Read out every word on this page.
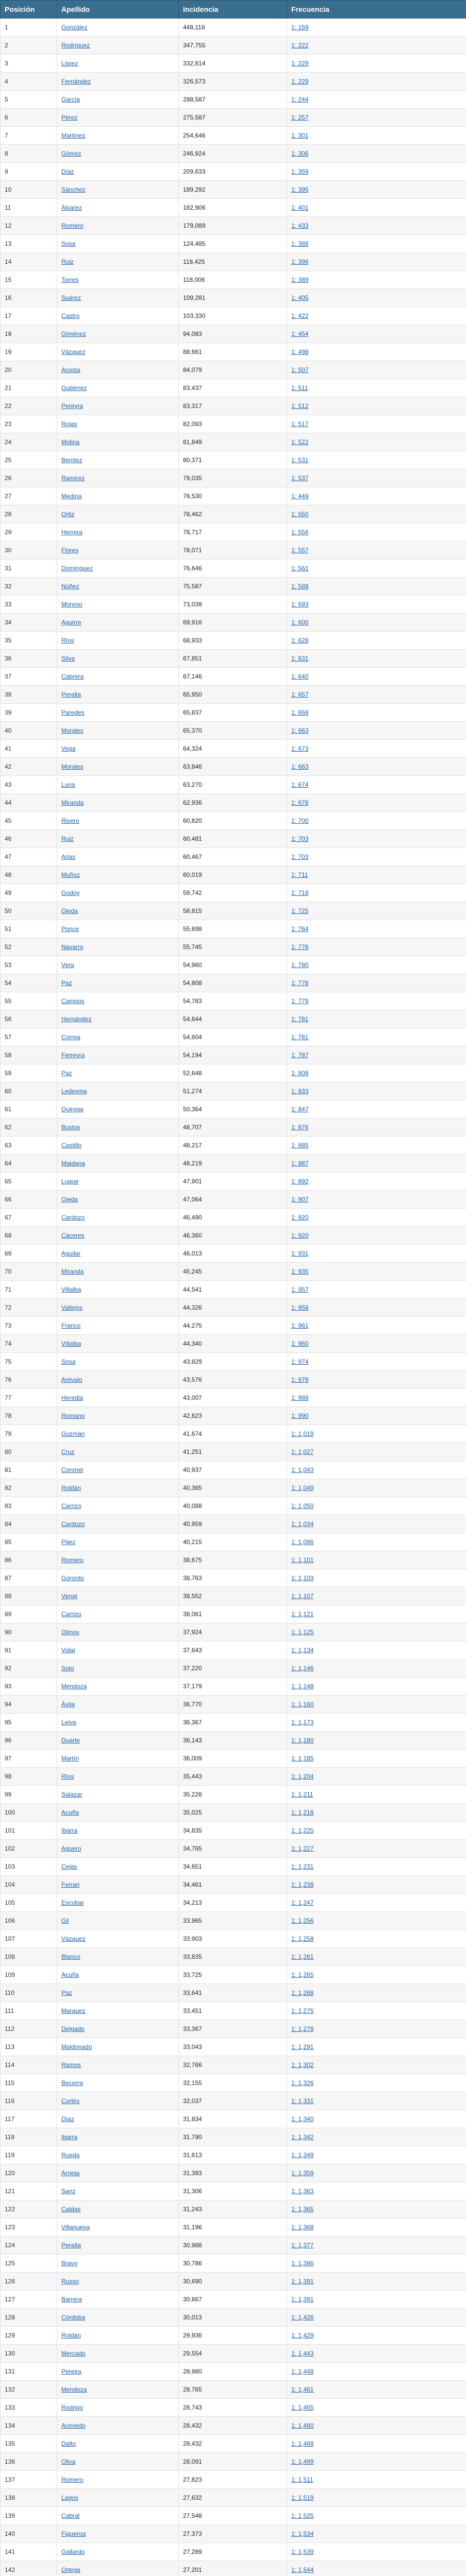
Posición	Apellido	Incidencia	Frecuencia
1	González	448,118	1: 159
2	Rodríguez	347,755	1: 222
3	López	332,614	1: 229
4	Fernández	326,573	1: 229
5	García	288,587	1: 244
6	Pérez	275,587	1: 257
7	Martínez	254,646	1: 301
8	Gómez	246,924	1: 306
9	Díaz	209,633	1: 359
10	Sánchez	189,292	1: 395
11	Álvarez	182,906	1: 401
12	Romero	179,089	1: 433
13	Sosa	124,485	1: 388
14	Ruiz	118,425	1: 396
15	Torres	118,006	1: 389
16	Suárez	109,281	1: 405
17	Castro	103,330	1: 422
18	Giménez	94,083	1: 454
19	Vázquez	88,661	1: 498
20	Acosta	84,079	1: 507
21	Gutiérrez	83,437	1: 511
22	Pereyra	83,317	1: 512
23	Rojas	82,093	1: 517
24	Molina	81,849	1: 522
25	Benítez	80,371	1: 531
26	Ramírez	79,035	1: 537
27	Medina	78,530	1: 449
28	Ortiz	78,462	1: 550
29	Herrera	78,717	1: 556
30	Flores	78,071	1: 557
31	Domínguez	76,646	1: 561
32	Núñez	75,587	1: 589
33	Moreno	73,039	1: 593
34	Aguirre	69,916	1: 600
35	Ríos	68,933	1: 628
36	Silva	67,851	1: 631
37	Cabrera	67,146	1: 640
38	Peralta	65,950	1: 657
39	Paredes	65,837	1: 658
40	Morales	65,370	1: 663
41	Vega	64,324	1: 673
42	Morales	63,846	1: 663
43	Luna	63,270	1: 674
44	Miranda	62,936	1: 678
45	Rivero	60,820	1: 700
46	Ruiz	60,481	1: 703
47	Arias	60,467	1: 703
48	Muñoz	60,019	1: 711
49	Godoy	59,742	1: 718
50	Ojeda	58,815	1: 725
51	Ponce	55,698	1: 764
52	Navarro	55,745	1: 776
53	Vera	54,960	1: 780
54	Paz	54,808	1: 778
55	Campos	54,783	1: 779
56	Hernández	54,644	1: 781
57	Correa	54,604	1: 781
58	Ferreyra	54,194	1: 787
59	Paz	52,648	1: 808
60	Ledesma	51,274	1: 833
61	Quiroga	50,364	1: 847
62	Bustos	48,707	1: 876
63	Castillo	48,217	1: 885
64	Maidana	48,219	1: 887
65	Luque	47,901	1: 892
66	Ojeda	47,064	1: 907
67	Cardozo	46,490	1: 920
68	Cáceres	46,360	1: 920
69	Aguilar	46,013	1: 931
70	Miranda	45,245	1: 935
71	Villalba	44,541	1: 957
72	Vallejos	44,326	1: 958
73	Franco	44,275	1: 961
74	Villalba	44,340	1: 960
75	Sosa	43,829	1: 974
76	Arévalo	43,576	1: 979
77	Heredia	43,007	1: 988
78	Romano	42,823	1: 990
79	Guzmán	41,674	1: 1,019
80	Cruz	41,251	1: 1,027
81	Coronel	40,937	1: 1,043
82	Roldán	40,365	1: 1,049
83	Carrizo	40,088	1: 1,050
84	Cardozo	40,959	1: 1,034
85	Páez	40,215	1: 1,086
86	Romero	38,675	1: 1,101
87	Gorordo	38,763	1: 1,103
88	Vergé	38,552	1: 1,107
89	Carrizo	38,061	1: 1,121
90	Olmos	37,924	1: 1,125
91	Vidal	37,643	1: 1,134
92	Soto	37,220	1: 1,146
93	Mendoza	37,179	1: 1,148
94	Ávila	36,770	1: 1,160
95	Leiva	36,367	1: 1,173
96	Duarte	36,143	1: 1,180
97	Martín	36,009	1: 1,185
98	Ríos	35,443	1: 1,204
99	Salazar	35,228	1: 1,211
100	Acuña	35,025	1: 1,218
101	Ibarra	34,835	1: 1,225
102	Aguero	34,765	1: 1,227
103	Cejas	34,651	1: 1,231
104	Ferrari	34,461	1: 1,238
105	Escobar	34,213	1: 1,247
106	Gil	33,965	1: 1,256
107	Vázquez	33,903	1: 1,258
108	Blanco	33,835	1: 1,261
109	Acuña	33,725	1: 1,265
110	Paz	33,641	1: 1,268
111	Marquez	33,451	1: 1,275
112	Delgado	33,367	1: 1,278
113	Maldonado	33,043	1: 1,291
114	Ramos	32,766	1: 1,302
115	Becerra	32,155	1: 1,326
116	Cortés	32,037	1: 1,331
117	Díaz	31,834	1: 1,340
118	Ibarra	31,790	1: 1,342
119	Rueda	31,613	1: 1,349
120	Arrieta	31,393	1: 1,359
121	Sanz	31,306	1: 1,363
122	Caldas	31,243	1: 1,365
123	Villanueva	31,196	1: 1,368
124	Peralta	30,988	1: 1,377
125	Bravo	30,786	1: 1,386
126	Russo	30,690	1: 1,391
127	Barrera	30,667	1: 1,391
128	Córdoba	30,013	1: 1,426
129	Roldán	29,936	1: 1,429
130	Mercado	29,554	1: 1,443
131	Pereira	28,980	1: 1,448
132	Mendoza	28,765	1: 1,461
133	Rodrigo	28,743	1: 1,465
134	Acevedo	28,432	1: 1,480
135	Dalto	28,432	1: 1,488
136	Oliva	28,091	1: 1,499
137	Romero	27,823	1: 1,511
138	Lagos	27,632	1: 1,519
139	Cabral	27,548	1: 1,525
140	Figueroa	27,373	1: 1,534
141	Gallardo	27,289	1: 1,539
142	Ortega	27,201	1: 1,544
